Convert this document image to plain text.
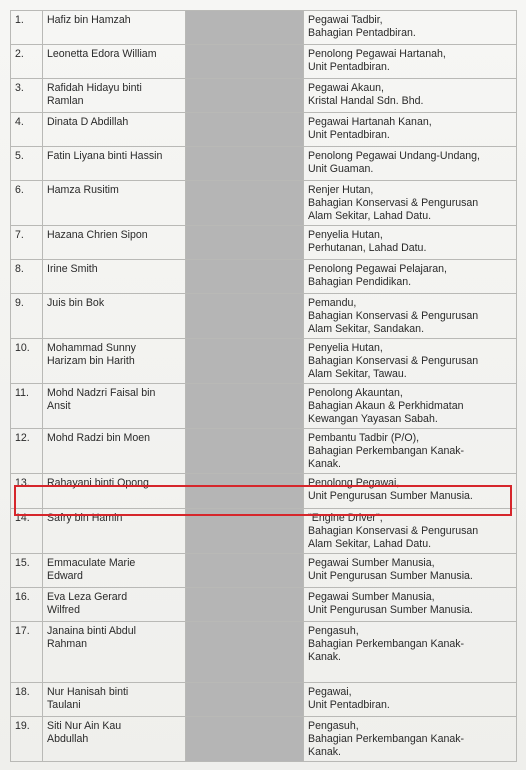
1.	Hafiz bin Hamzah		Pegawai Tadbir,
Bahagian Pentadbiran.

2.	Leonetta Edora William		Penolong Pegawai Hartanah,
Unit Pentadbiran.

3.	Rafidah Hidayu binti
Ramlan		Pegawai Akaun,
Kristal Handal Sdn. Bhd.

4.	Dinata D Abdillah		Pegawai Hartanah Kanan,
Unit Pentadbiran.

5.	Fatin Liyana binti Hassin		Penolong Pegawai Undang-Undang,
Unit Guaman.

6.	Hamza Rusitim		Renjer Hutan,
Bahagian Konservasi & Pengurusan
Alam Sekitar, Lahad Datu.

7.	Hazana Chrien Sipon		Penyelia Hutan,
Perhutanan, Lahad Datu.

8.	Irine Smith		Penolong Pegawai Pelajaran,
Bahagian Pendidikan.

9.	Juis bin Bok		Pemandu,
Bahagian Konservasi & Pengurusan
Alam Sekitar, Sandakan.

10.	Mohammad Sunny
Harizam bin Harith		Penyelia Hutan,
Bahagian Konservasi & Pengurusan
Alam Sekitar, Tawau.

11.	Mohd Nadzri Faisal bin
Ansit		Penolong Akauntan,
Bahagian Akaun & Perkhidmatan
Kewangan Yayasan Sabah.

12.	Mohd Radzi bin Moen		Pembantu Tadbir (P/O),
Bahagian Perkembangan Kanak-
Kanak.

13.	Rahayani binti Opong		Penolong Pegawai,
Unit Pengurusan Sumber Manusia.

14.	Safry bin Hamin		"Engine Driver",
Bahagian Konservasi & Pengurusan
Alam Sekitar, Lahad Datu.

15.	Emmaculate Marie
Edward		Pegawai Sumber Manusia,
Unit Pengurusan Sumber Manusia.

16.	Eva Leza Gerard
Wilfred		Pegawai Sumber Manusia,
Unit Pengurusan Sumber Manusia.

17.	Janaina binti Abdul
Rahman		Pengasuh,
Bahagian Perkembangan Kanak-
Kanak.

18.	Nur Hanisah binti
Taulani		Pegawai,
Unit Pentadbiran.

19.	Siti Nur Ain Kau
Abdullah		Pengasuh,
Bahagian Perkembangan Kanak-
Kanak.
